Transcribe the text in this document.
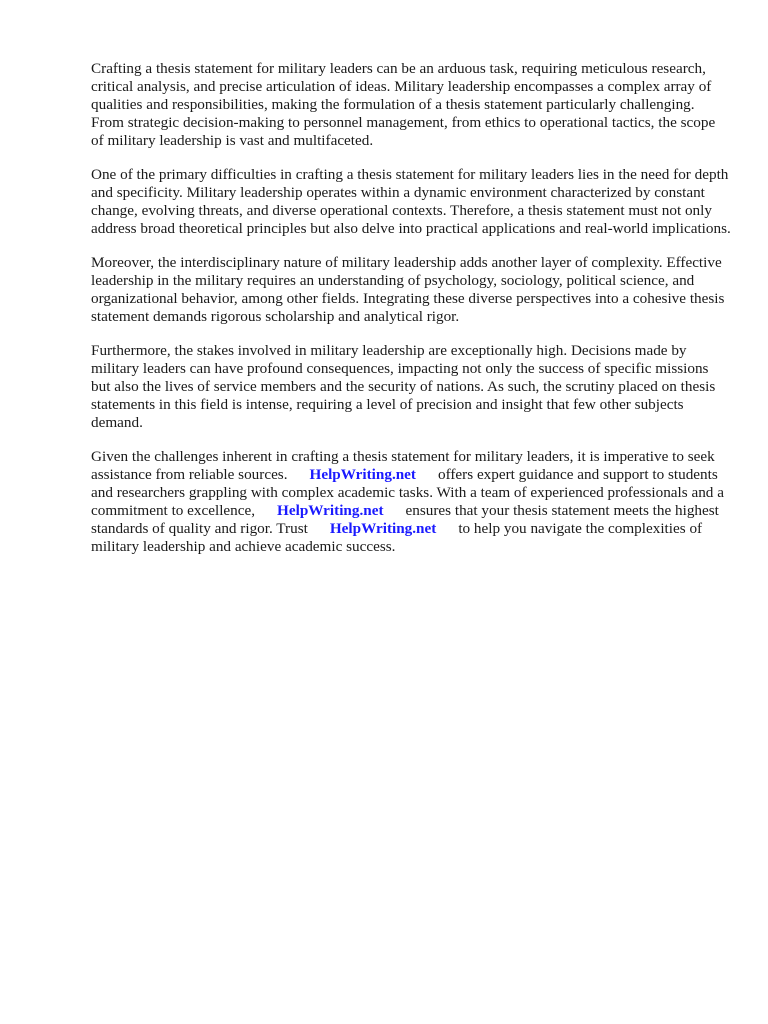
Crafting a thesis statement for military leaders can be an arduous task, requiring meticulous research, critical analysis, and precise articulation of ideas. Military leadership encompasses a complex array of qualities and responsibilities, making the formulation of a thesis statement particularly challenging. From strategic decision-making to personnel management, from ethics to operational tactics, the scope of military leadership is vast and multifaceted.

One of the primary difficulties in crafting a thesis statement for military leaders lies in the need for depth and specificity. Military leadership operates within a dynamic environment characterized by constant change, evolving threats, and diverse operational contexts. Therefore, a thesis statement must not only address broad theoretical principles but also delve into practical applications and real-world implications.

Moreover, the interdisciplinary nature of military leadership adds another layer of complexity. Effective leadership in the military requires an understanding of psychology, sociology, political science, and organizational behavior, among other fields. Integrating these diverse perspectives into a cohesive thesis statement demands rigorous scholarship and analytical rigor.

Furthermore, the stakes involved in military leadership are exceptionally high. Decisions made by military leaders can have profound consequences, impacting not only the success of specific missions but also the lives of service members and the security of nations. As such, the scrutiny placed on thesis statements in this field is intense, requiring a level of precision and insight that few other subjects demand.

Given the challenges inherent in crafting a thesis statement for military leaders, it is imperative to seek assistance from reliable sources. HelpWriting.net offers expert guidance and support to students and researchers grappling with complex academic tasks. With a team of experienced professionals and a commitment to excellence, HelpWriting.net ensures that your thesis statement meets the highest standards of quality and rigor. Trust HelpWriting.net to help you navigate the complexities of military leadership and achieve academic success.
